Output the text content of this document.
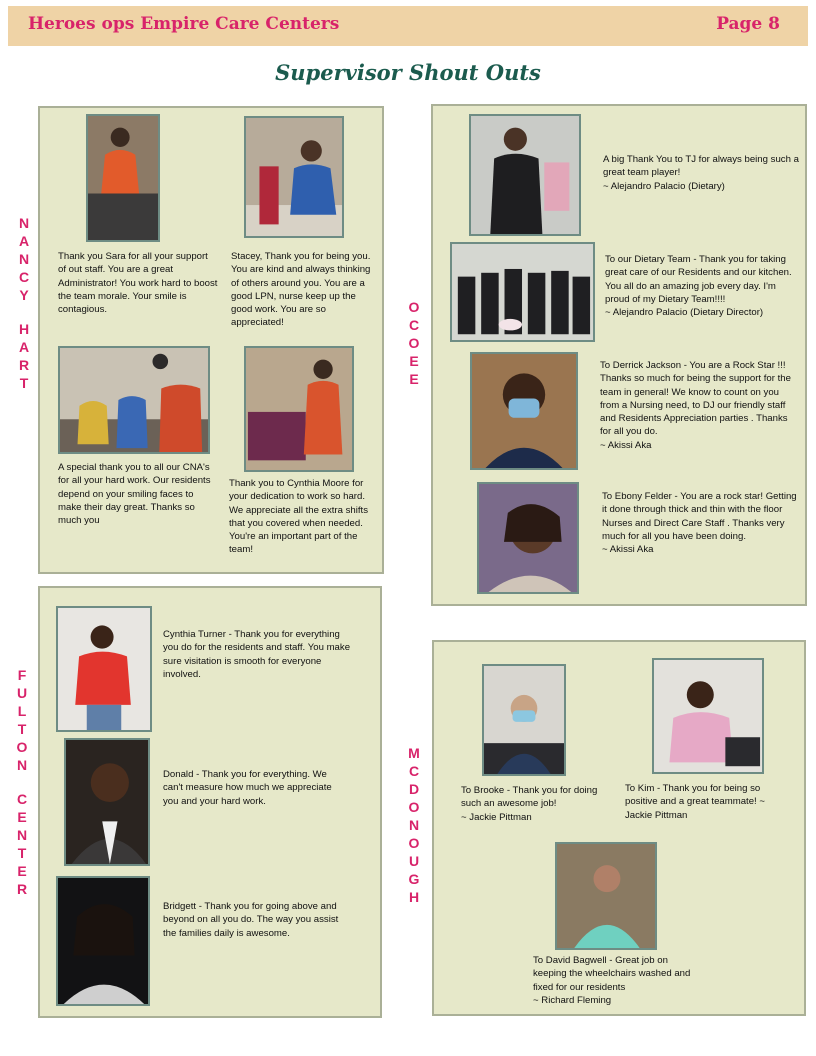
Heroes ops Empire Care Centers	Page 8
Supervisor Shout Outs
N
A
N
C
Y
H
A
R
T
O
C
O
E
E
F
U
L
T
O
N
C
E
N
T
E
R
M
C
D
O
N
O
U
G
H

Thank you Sara for all your support of out staff. You are a great Administrator! You work hard to boost the team morale. Your smile is contagious.

Stacey, Thank you for being you. You are kind and always thinking of others around you. You are a good LPN, nurse keep up the good work. You are so appreciated!

A special thank you to all our CNA's for all your hard work. Our residents depend on your smiling faces to make their day great. Thanks so much you

Thank you to Cynthia Moore for your dedication to work so hard. We appreciate all the extra shifts that you covered when needed. You're an important part of the team!

A big Thank You to TJ for always being such a great team player!

~ Alejandro Palacio (Dietary)

To our Dietary Team - Thank you for taking great care of our Residents and our kitchen. You all do an amazing job every day. I'm proud of my Dietary Team!!!!

~ Alejandro Palacio (Dietary Director)

To Derrick Jackson - You are a Rock Star !!! Thanks so much for being the support for the team in general! We know to count on you from a Nursing need, to DJ our friendly staff and Residents Appreciation parties . Thanks for all you do.

~ Akissi Aka

To Ebony Felder - You are a rock star! Getting it done through thick and thin with the floor Nurses and Direct Care Staff . Thanks very much for all you have been doing.

~ Akissi Aka

Cynthia Turner - Thank you for everything you do for the residents and staff. You make sure visitation is smooth for everyone involved.

Donald - Thank you for everything. We can't measure how much we appreciate you and your hard work.

Bridgett - Thank you for going above and beyond on all you do. The way you assist the families daily is awesome.

To Brooke - Thank you for doing such an awesome job!

~ Jackie Pittman

To Kim - Thank you for being so positive and a great teammate! ~ Jackie Pittman

To David Bagwell - Great job on keeping the wheelchairs washed and fixed for our residents

~ Richard Fleming
